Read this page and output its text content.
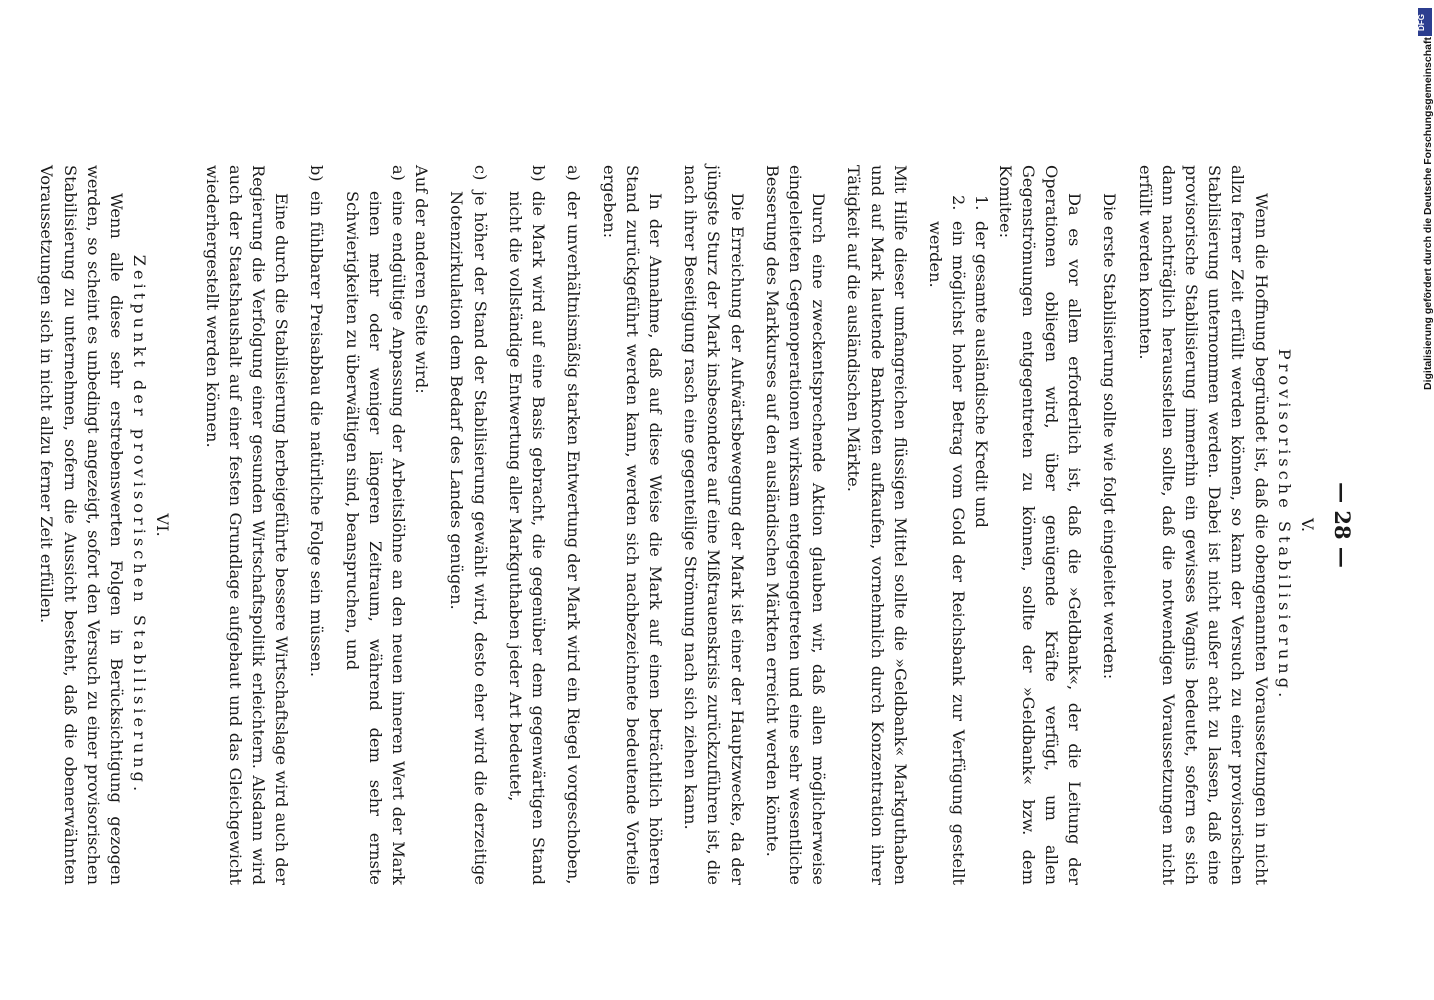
— 28 —
V.
Provisorische Stabilisierung.

Wenn die Hoffnung begründet ist, daß die obengenannten Voraussetzungen in nicht allzu ferner Zeit erfüllt werden können, so kann der Versuch zu einer provisorischen Stabilisierung unternommen werden. Dabei ist nicht außer acht zu lassen, daß eine provisorische Stabilisierung immerhin ein gewisses Wagnis bedeutet, sofern es sich dann nachträglich herausstellen sollte, daß die notwendigen Voraussetzungen nicht erfüllt werden konnten.

Die erste Stabilisierung sollte wie folgt eingeleitet werden:

Da es vor allem erforderlich ist, daß die »Geldbank«, der die Leitung der Operationen obliegen wird, über genügende Kräfte verfügt, um allen Gegenströmungen entgegentreten zu können, sollte der »Geldbank« bzw. dem Komitee:

1.
der gesamte ausländische Kredit und
2.
ein möglichst hoher Betrag vom Gold der Reichsbank zur Verfügung gestellt werden.

Mit Hilfe dieser umfangreichen flüssigen Mittel sollte die »Geldbank« Markguthaben und auf Mark lautende Banknoten aufkaufen, vornehmlich durch Konzentration ihrer Tätigkeit auf die ausländischen Märkte.

Durch eine zweckentsprechende Aktion glauben wir, daß allen möglicherweise eingeleiteten Gegenoperationen wirksam entgegengetreten und eine sehr wesentliche Besserung des Markkurses auf den ausländischen Märkten erreicht werden könnte.

Die Erreichung der Aufwärtsbewegung der Mark ist einer der Hauptzwecke, da der jüngste Sturz der Mark insbesondere auf eine Mißtrauenskrisis zurückzuführen ist, die nach ihrer Beseitigung rasch eine gegenteilige Strömung nach sich ziehen kann.

In der Annahme, daß auf diese Weise die Mark auf einen beträchtlich höheren Stand zurückgeführt werden kann, werden sich nachbezeichnete bedeutende Vorteile ergeben:

a)
der unverhältnismäßig starken Entwertung der Mark wird ein Riegel vorgeschoben,
b)
die Mark wird auf eine Basis gebracht, die gegenüber dem gegenwärtigen Stand nicht die vollständige Entwertung aller Markguthaben jeder Art bedeutet,
c)
je höher der Stand der Stabilisierung gewählt wird, desto eher wird die derzeitige Notenzirkulation dem Bedarf des Landes genügen.

Auf der anderen Seite wird:

a)
eine endgültige Anpassung der Arbeitslöhne an den neuen inneren Wert der Mark einen mehr oder weniger längeren Zeitraum, während dem sehr ernste Schwierigkeiten zu überwältigen sind, beanspruchen, und
b)
ein fühlbarer Preisabbau die natürliche Folge sein müssen.

Eine durch die Stabilisierung herbeigeführte bessere Wirtschaftslage wird auch der Regierung die Verfolgung einer gesunden Wirtschaftspolitik erleichtern. Alsdann wird auch der Staatshaushalt auf einer festen Grundlage aufgebaut und das Gleichgewicht wiederhergestellt werden können.

VI.
Zeitpunkt der provisorischen Stabilisierung.

Wenn alle diese sehr erstrebenswerten Folgen in Berücksichtigung gezogen werden, so scheint es unbedingt angezeigt, sofort den Versuch zu einer provisorischen Stabilisierung zu unternehmen, sofern die Aussicht besteht, daß die obenerwähnten Voraussetzungen sich in nicht allzu ferner Zeit erfüllen.	Digitalisierung gefördert durch die Deutsche Forschungsgemeinschaft
DFG
